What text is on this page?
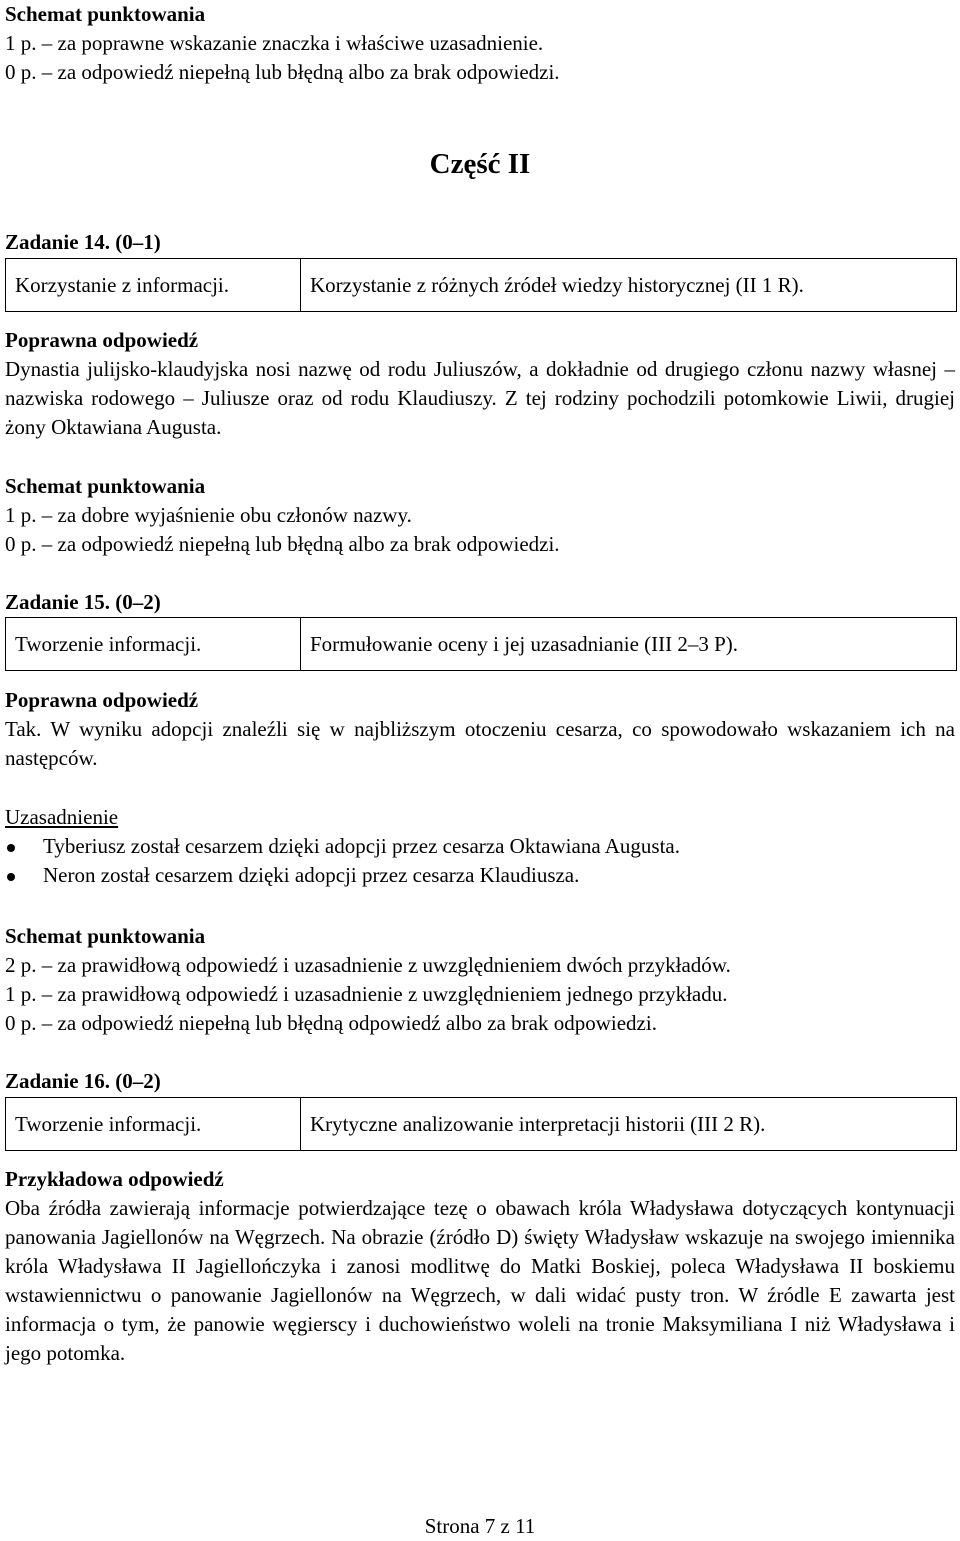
Schemat punktowania
1 p. – za poprawne wskazanie znaczka i właściwe uzasadnienie.
0 p. – za odpowiedź niepełną lub błędną albo za brak odpowiedzi.
Część II
Zadanie 14. (0–1)
Korzystanie z informacji.	Korzystanie z różnych źródeł wiedzy historycznej (II 1 R).
Poprawna odpowiedź
Dynastia julijsko-klaudyjska nosi nazwę od rodu Juliuszów, a dokładnie od drugiego członu nazwy własnej – nazwiska rodowego – Juliusze oraz od rodu Klaudiuszy. Z tej rodziny pochodzili potomkowie Liwii, drugiej żony Oktawiana Augusta.
Schemat punktowania
1 p. – za dobre wyjaśnienie obu członów nazwy.
0 p. – za odpowiedź niepełną lub błędną albo za brak odpowiedzi.
Zadanie 15. (0–2)
Tworzenie informacji.	Formułowanie oceny i jej uzasadnianie (III 2–3 P).
Poprawna odpowiedź
Tak. W wyniku adopcji znaleźli się w najbliższym otoczeniu cesarza, co spowodowało wskazaniem ich na następców.
Uzasadnienie
Tyberiusz został cesarzem dzięki adopcji przez cesarza Oktawiana Augusta.
Neron został cesarzem dzięki adopcji przez cesarza Klaudiusza.
Schemat punktowania
2 p. – za prawidłową odpowiedź i uzasadnienie z uwzględnieniem dwóch przykładów.
1 p. – za prawidłową odpowiedź i uzasadnienie z uwzględnieniem jednego przykładu.
0 p. – za odpowiedź niepełną lub błędną odpowiedź albo za brak odpowiedzi.
Zadanie 16. (0–2)
Tworzenie informacji.	Krytyczne analizowanie interpretacji historii (III 2 R).
Przykładowa odpowiedź
Oba źródła zawierają informacje potwierdzające tezę o obawach króla Władysława dotyczących kontynuacji panowania Jagiellonów na Węgrzech. Na obrazie (źródło D) święty Władysław wskazuje na swojego imiennika króla Władysława II Jagiellończyka i zanosi modlitwę do Matki Boskiej, poleca Władysława II boskiemu wstawiennictwu o panowanie Jagiellonów na Węgrzech, w dali widać pusty tron. W źródle E zawarta jest informacja o tym, że panowie węgierscy i duchowieństwo woleli na tronie Maksymiliana I niż Władysława i jego potomka.
Strona 7 z 11
